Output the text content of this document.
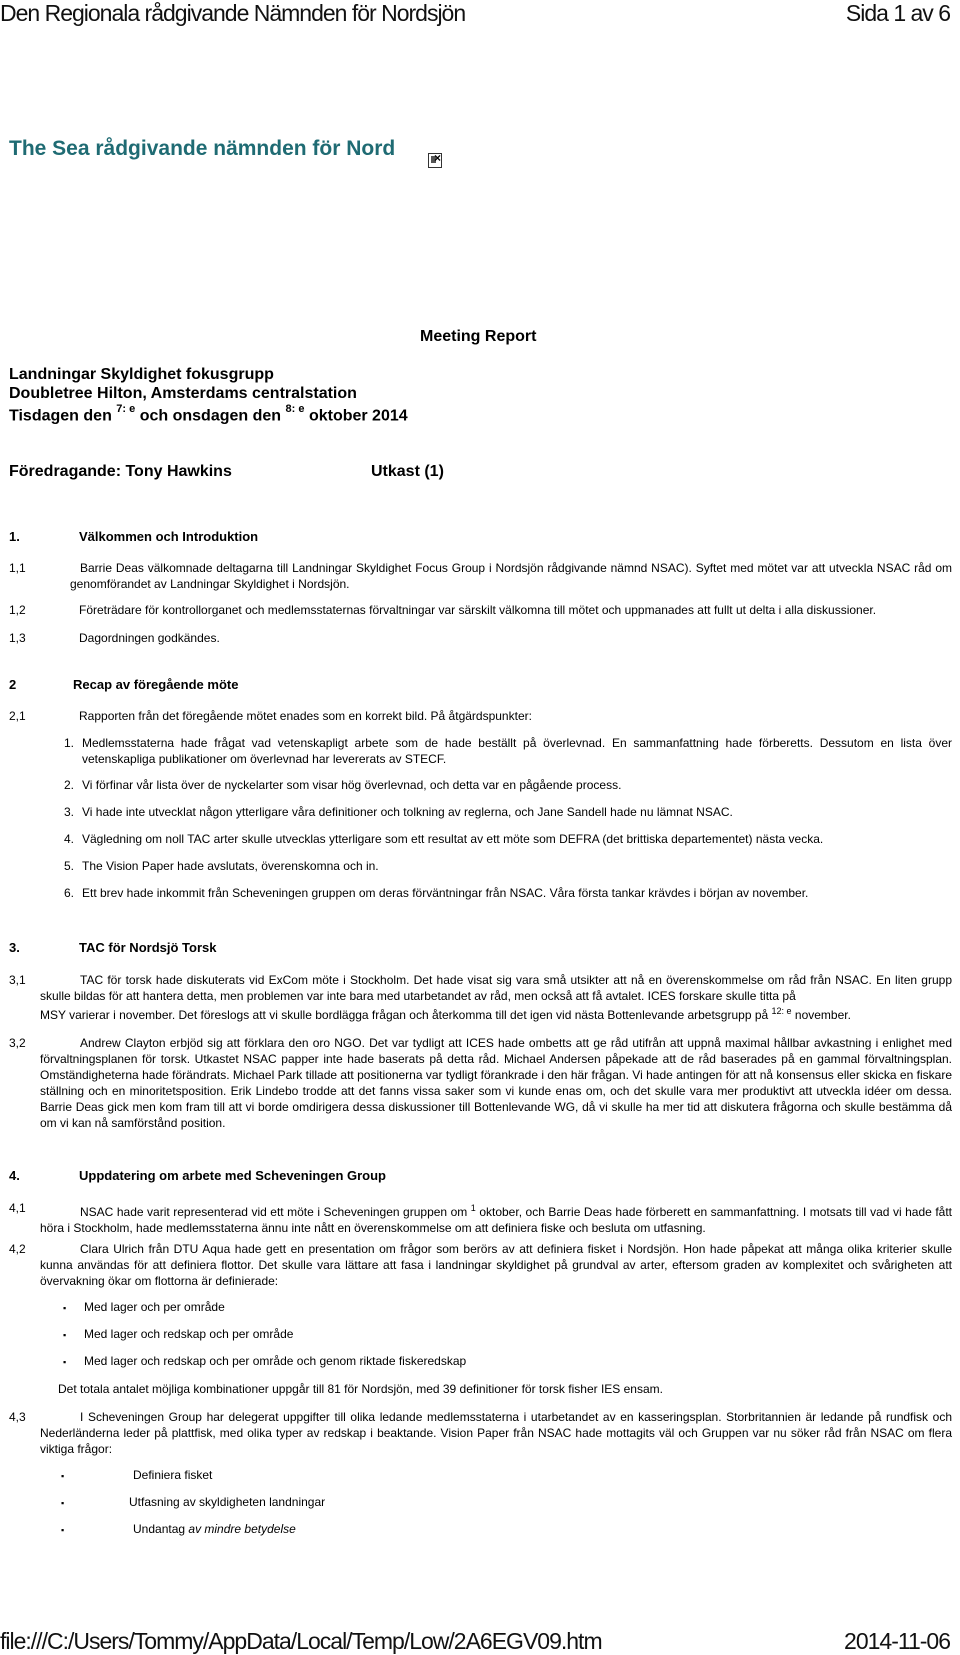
Den Regionala rådgivande Nämnden för Nordsjön	Sida 1 av 6
The Sea rådgivande nämnden för Nord
×
Meeting Report
Landningar Skyldighet fokusgrupp
Doubletree Hilton, Amsterdams centralstation
Tisdagen den $^{7: e}$ och onsdagen den $^{8: e}$ oktober 2014
Föredragande: Tony Hawkins	Utkast (1)
1.	Välkommen och Introduktion
1,1	Barrie Deas välkomnade deltagarna till Landningar Skyldighet Focus Group i Nordsjön rådgivande nämnd NSAC). Syftet med mötet var att utveckla NSAC råd om genomförandet av Landningar Skyldighet i Nordsjön.
1,2	Företrädare för kontrollorganet och medlemsstaternas förvaltningar var särskilt välkomna till mötet och uppmanades att fullt ut delta i alla diskussioner.
1,3	Dagordningen godkändes.
2	Recap av föregående möte
2,1	Rapporten från det föregående mötet enades som en korrekt bild. På åtgärdspunkter:
1. Medlemsstaterna hade frågat vad vetenskapligt arbete som de hade beställt på överlevnad. En sammanfattning hade förberetts. Dessutom en lista över vetenskapliga publikationer om överlevnad har levererats av STECF.
2. Vi förfinar vår lista över de nyckelarter som visar hög överlevnad, och detta var en pågående process.
3. Vi hade inte utvecklat någon ytterligare våra definitioner och tolkning av reglerna, och Jane Sandell hade nu lämnat NSAC.
4. Vägledning om noll TAC arter skulle utvecklas ytterligare som ett resultat av ett möte som DEFRA (det brittiska departementet) nästa vecka.
5. The Vision Paper hade avslutats, överenskomna och in.
6. Ett brev hade inkommit från Scheveningen gruppen om deras förväntningar från NSAC. Våra första tankar krävdes i början av november.
3.	TAC för Nordsjö Torsk
3,1	TAC för torsk hade diskuterats vid ExCom möte i Stockholm. Det hade visat sig vara små utsikter att nå en överenskommelse om råd från NSAC. En liten grupp skulle bildas för att hantera detta, men problemen var inte bara med utarbetandet av råd, men också att få avtalet. ICES forskare skulle titta på
MSY varierar i november. Det föreslogs att vi skulle bordlägga frågan och återkomma till det igen vid nästa Bottenlevande arbetsgrupp på $^{12: e}$ november.
3,2	Andrew Clayton erbjöd sig att förklara den oro NGO. Det var tydligt att ICES hade ombetts att ge råd utifrån att uppnå maximal hållbar avkastning i enlighet med förvaltningsplanen för torsk. Utkastet NSAC papper inte hade baserats på detta råd. Michael Andersen påpekade att de råd baserades på en gammal förvaltningsplan. Omständigheterna hade förändrats. Michael Park tillade att positionerna var tydligt förankrade i den här frågan. Vi hade antingen för att nå konsensus eller skicka en fiskare ställning och en minoritetsposition. Erik Lindebo trodde att det fanns vissa saker som vi kunde enas om, och det skulle vara mer produktivt att utveckla idéer om dessa. Barrie Deas gick men kom fram till att vi borde omdirigera dessa diskussioner till Bottenlevande WG, då vi skulle ha mer tid att diskutera frågorna och skulle bestämma då om vi kan nå samförstånd position.
4.	Uppdatering om arbete med Scheveningen Group
4,1	NSAC hade varit representerad vid ett möte i Scheveningen gruppen om $^1$ oktober, och Barrie Deas hade förberett en sammanfattning. I motsats till vad vi hade fått höra i Stockholm, hade medlemsstaterna ännu inte nått en överenskommelse om att definiera fiske och besluta om utfasning.
4,2	Clara Ulrich från DTU Aqua hade gett en presentation om frågor som berörs av att definiera fisket i Nordsjön. Hon hade påpekat att många olika kriterier skulle kunna användas för att definiera flottor. Det skulle vara lättare att fasa i landningar skyldighet på grundval av arter, eftersom graden av komplexitet och svårigheten att övervakning ökar om flottorna är definierade:
▪ Med lager och per område
▪ Med lager och redskap och per område
▪ Med lager och redskap och per område och genom riktade fiskeredskap
Det totala antalet möjliga kombinationer uppgår till 81 för Nordsjön, med 39 definitioner för torsk fisher IES ensam.
4,3	I Scheveningen Group har delegerat uppgifter till olika ledande medlemsstaterna i utarbetandet av en kasseringsplan. Storbritannien är ledande på rundfisk och Nederländerna leder på plattfisk, med olika typer av redskap i beaktande. Vision Paper från NSAC hade mottagits väl och Gruppen var nu söker råd från NSAC om flera viktiga frågor:
▪	Definiera fisket
▪	Utfasning av skyldigheten landningar
▪	Undantag av mindre betydelse
file:///C:/Users/Tommy/AppData/Local/Temp/Low/2A6EGV09.htm	2014-11-06
